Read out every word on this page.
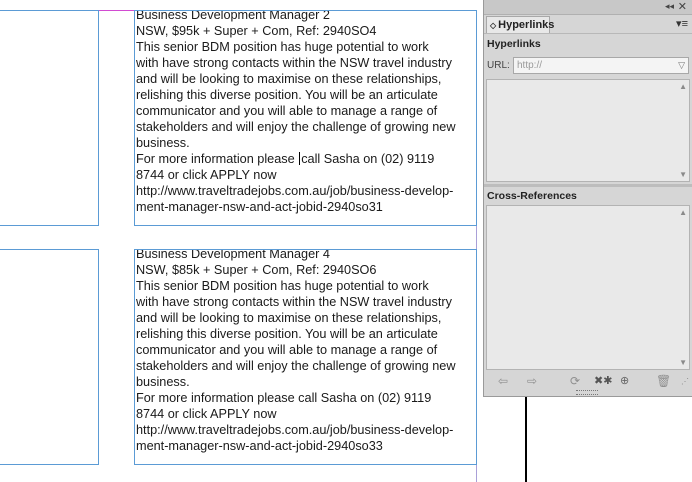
Business Development Manager 2
NSW, $95k + Super + Com, Ref: 2940SO4
This senior BDM position has huge potential to work
with have strong contacts within the NSW travel industry
and will be looking to maximise on these relationships,
relishing this diverse position. You will be an articulate
communicator and you will able to manage a range of
stakeholders and will enjoy the challenge of growing new
business.
For more information please call Sasha on (02) 9119
8744 or click APPLY now
http://www.traveltradejobs.com.au/job/business-develop-
ment-manager-nsw-and-act-jobid-2940so31
Business Development Manager 4
NSW, $85k + Super + Com, Ref: 2940SO6
This senior BDM position has huge potential to work
with have strong contacts within the NSW travel industry
and will be looking to maximise on these relationships,
relishing this diverse position. You will be an articulate
communicator and you will able to manage a range of
stakeholders and will enjoy the challenge of growing new
business.
For more information please call Sasha on (02) 9119
8744 or click APPLY now
http://www.traveltradejobs.com.au/job/business-develop-
ment-manager-nsw-and-act-jobid-2940so33
◂◂ ✕
◇ Hyperlinks	▾≡
Hyperlinks
URL: http://	▽
▲
▼
Cross-References
▲
▼
⇦ ⇨	⟳ ✖✱ ⊕ 🗑 ⋰
